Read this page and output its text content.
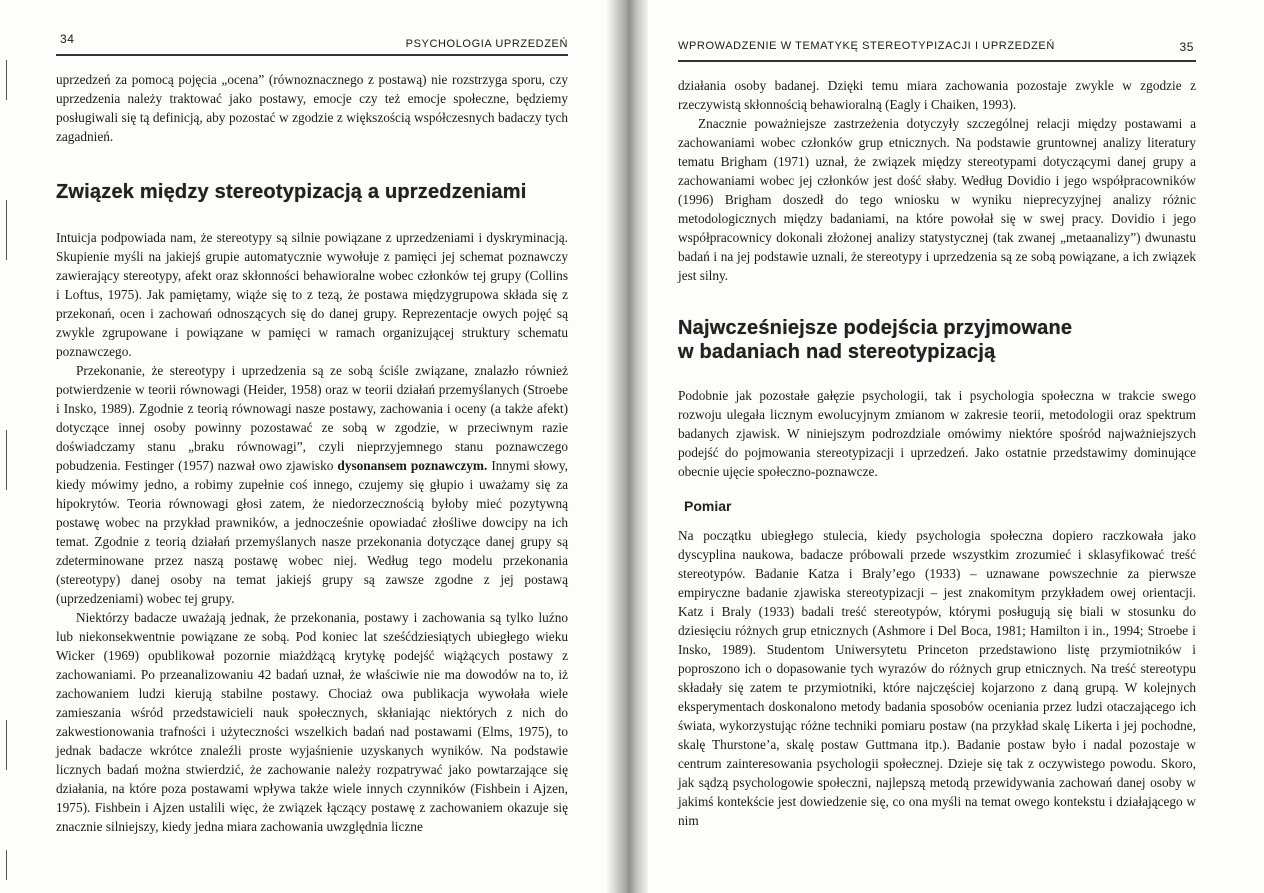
34	PSYCHOLOGIA UPRZEDZEŃ

uprzedzeń za pomocą pojęcia „ocena” (równoznacznego z postawą) nie rozstrzyga sporu, czy uprzedzenia należy traktować jako postawy, emocje czy też emocje społeczne, będziemy posługiwali się tą definicją, aby pozostać w zgodzie z większością współczesnych badaczy tych zagadnień.

Związek między stereotypizacją a uprzedzeniami

Intuicja podpowiada nam, że stereotypy są silnie powiązane z uprzedzeniami i dyskryminacją. Skupienie myśli na jakiejś grupie automatycznie wywołuje z pamięci jej schemat poznawczy zawierający stereotypy, afekt oraz skłonności behawioralne wobec członków tej grupy (Collins i Loftus, 1975). Jak pamiętamy, wiąże się to z tezą, że postawa międzygrupowa składa się z przekonań, ocen i zachowań odnoszących się do danej grupy. Reprezentacje owych pojęć są zwykle zgrupowane i powiązane w pamięci w ramach organizującej struktury schematu poznawczego.

Przekonanie, że stereotypy i uprzedzenia są ze sobą ściśle związane, znalazło również potwierdzenie w teorii równowagi (Heider, 1958) oraz w teorii działań przemyślanych (Stroebe i Insko, 1989). Zgodnie z teorią równowagi nasze postawy, zachowania i oceny (a także afekt) dotyczące innej osoby powinny pozostawać ze sobą w zgodzie, w przeciwnym razie doświadczamy stanu „braku równowagi”, czyli nieprzyjemnego stanu poznawczego pobudzenia. Festinger (1957) nazwał owo zjawisko dysonansem poznawczym. Innymi słowy, kiedy mówimy jedno, a robimy zupełnie coś innego, czujemy się głupio i uważamy się za hipokrytów. Teoria równowagi głosi zatem, że niedorzecznością byłoby mieć pozytywną postawę wobec na przykład prawników, a jednocześnie opowiadać złośliwe dowcipy na ich temat. Zgodnie z teorią działań przemyślanych nasze przekonania dotyczące danej grupy są zdeterminowane przez naszą postawę wobec niej. Według tego modelu przekonania (stereotypy) danej osoby na temat jakiejś grupy są zawsze zgodne z jej postawą (uprzedzeniami) wobec tej grupy.

Niektórzy badacze uważają jednak, że przekonania, postawy i zachowania są tylko luźno lub niekonsekwentnie powiązane ze sobą. Pod koniec lat sześćdziesiątych ubiegłego wieku Wicker (1969) opublikował pozornie miażdżącą krytykę podejść wiążących postawy z zachowaniami. Po przeanalizowaniu 42 badań uznał, że właściwie nie ma dowodów na to, iż zachowaniem ludzi kierują stabilne postawy. Chociaż owa publikacja wywołała wiele zamieszania wśród przedstawicieli nauk społecznych, skłaniając niektórych z nich do zakwestionowania trafności i użyteczności wszelkich badań nad postawami (Elms, 1975), to jednak badacze wkrótce znaleźli proste wyjaśnienie uzyskanych wyników. Na podstawie licznych badań można stwierdzić, że zachowanie należy rozpatrywać jako powtarzające się działania, na które poza postawami wpływa także wiele innych czynników (Fishbein i Ajzen, 1975). Fishbein i Ajzen ustalili więc, że związek łączący postawę z zachowaniem okazuje się znacznie silniejszy, kiedy jedna miara zachowania uwzględnia liczne

WPROWADZENIE W TEMATYKĘ STEREOTYPIZACJI I UPRZEDZEŃ	35

działania osoby badanej. Dzięki temu miara zachowania pozostaje zwykle w zgodzie z rzeczywistą skłonnością behawioralną (Eagly i Chaiken, 1993).

Znacznie poważniejsze zastrzeżenia dotyczyły szczególnej relacji między postawami a zachowaniami wobec członków grup etnicznych. Na podstawie gruntownej analizy literatury tematu Brigham (1971) uznał, że związek między stereotypami dotyczącymi danej grupy a zachowaniami wobec jej członków jest dość słaby. Według Dovidio i jego współpracowników (1996) Brigham doszedł do tego wniosku w wyniku nieprecyzyjnej analizy różnic metodologicznych między badaniami, na które powołał się w swej pracy. Dovidio i jego współpracownicy dokonali złożonej analizy statystycznej (tak zwanej „metaanalizy”) dwunastu badań i na jej podstawie uznali, że stereotypy i uprzedzenia są ze sobą powiązane, a ich związek jest silny.

Najwcześniejsze podejścia przyjmowane
w badaniach nad stereotypizacją

Podobnie jak pozostałe gałęzie psychologii, tak i psychologia społeczna w trakcie swego rozwoju ulegała licznym ewolucyjnym zmianom w zakresie teorii, metodologii oraz spektrum badanych zjawisk. W niniejszym podrozdziale omówimy niektóre spośród najważniejszych podejść do pojmowania stereotypizacji i uprzedzeń. Jako ostatnie przedstawimy dominujące obecnie ujęcie społeczno-poznawcze.

Pomiar

Na początku ubiegłego stulecia, kiedy psychologia społeczna dopiero raczkowała jako dyscyplina naukowa, badacze próbowali przede wszystkim zrozumieć i sklasyfikować treść stereotypów. Badanie Katza i Braly’ego (1933) – uznawane powszechnie za pierwsze empiryczne badanie zjawiska stereotypizacji – jest znakomitym przykładem owej orientacji. Katz i Braly (1933) badali treść stereotypów, którymi posługują się biali w stosunku do dziesięciu różnych grup etnicznych (Ashmore i Del Boca, 1981; Hamilton i in., 1994; Stroebe i Insko, 1989). Studentom Uniwersytetu Princeton przedstawiono listę przymiotników i poproszono ich o dopasowanie tych wyrazów do różnych grup etnicznych. Na treść stereotypu składały się zatem te przymiotniki, które najczęściej kojarzono z daną grupą. W kolejnych eksperymentach doskonalono metody badania sposobów oceniania przez ludzi otaczającego ich świata, wykorzystując różne techniki pomiaru postaw (na przykład skalę Likerta i jej pochodne, skalę Thurstone’a, skalę postaw Guttmana itp.). Badanie postaw było i nadal pozostaje w centrum zainteresowania psychologii społecznej. Dzieje się tak z oczywistego powodu. Skoro, jak sądzą psychologowie społeczni, najlepszą metodą przewidywania zachowań danej osoby w jakimś kontekście jest dowiedzenie się, co ona myśli na temat owego kontekstu i działającego w nim
